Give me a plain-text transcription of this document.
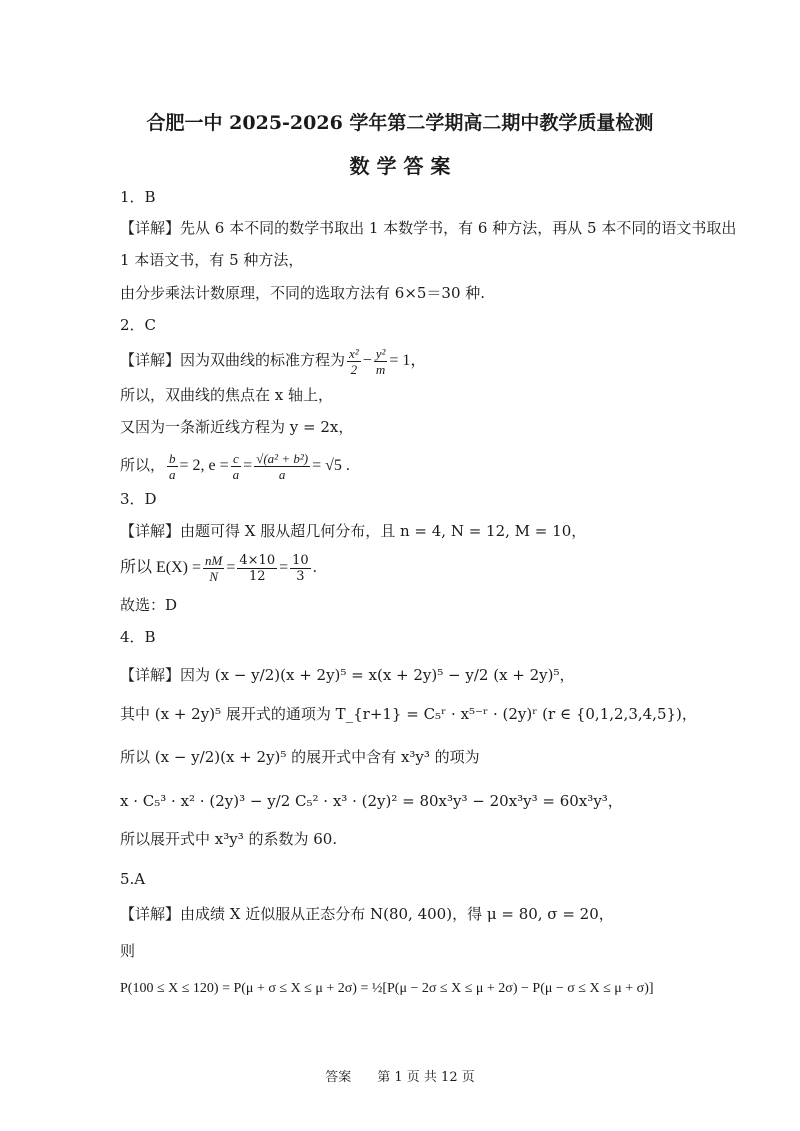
合肥一中 2025-2026 学年第二学期高二期中教学质量检测
数 学 答 案
1．B
【详解】先从 6 本不同的数学书取出 1 本数学书，有 6 种方法，再从 5 本不同的语文书取出
1 本语文书，有 5 种方法，
由分步乘法计数原理，不同的选取方法有 6×5＝30 种.
2．C
【详解】因为双曲线的标准方程为 $\frac{\text{x²}}{2} - \frac{\text{y²}}{m} = 1$，
所以，双曲线的焦点在 x 轴上，
又因为一条渐近线方程为 y = 2x，
所以， $\frac{b}{a} = 2$, $e = \frac{c}{a} = \frac{\text{√(a² + b²)}}{a} = √5$ .
3．D
【详解】由题可得 X 服从超几何分布，且 n = 4, N = 12, M = 10，
所以 $E(X) = \frac{nM}{N} = \frac{4\times 10}{12} = \frac{10}{3}$ .
故选：D
4．B
【详解】因为 (x − y/2)(x + 2y)⁵ = x(x + 2y)⁵ − y/2 (x + 2y)⁵，
其中 (x + 2y)⁵ 展开式的通项为 T_{r+1} = C₅ʳ · x⁵⁻ʳ · (2y)ʳ (r ∈ {0,1,2,3,4,5})，
所以 (x − y/2)(x + 2y)⁵ 的展开式中含有 x³y³ 的项为
x · C₅³ · x² · (2y)³ − y/2 C₅² · x³ · (2y)² = 80x³y³ − 20x³y³ = 60x³y³，
所以展开式中 x³y³ 的系数为 60.
5.A
【详解】由成绩 X 近似服从正态分布 N(80, 400)，得 μ = 80, σ = 20，
则
P(100 ≤ X ≤ 120) = P(μ + σ ≤ X ≤ μ + 2σ) = ½[P(μ − 2σ ≤ X ≤ μ + 2σ) − P(μ − σ ≤ X ≤ μ + σ)]
答案　　第 1 页 共 12 页
